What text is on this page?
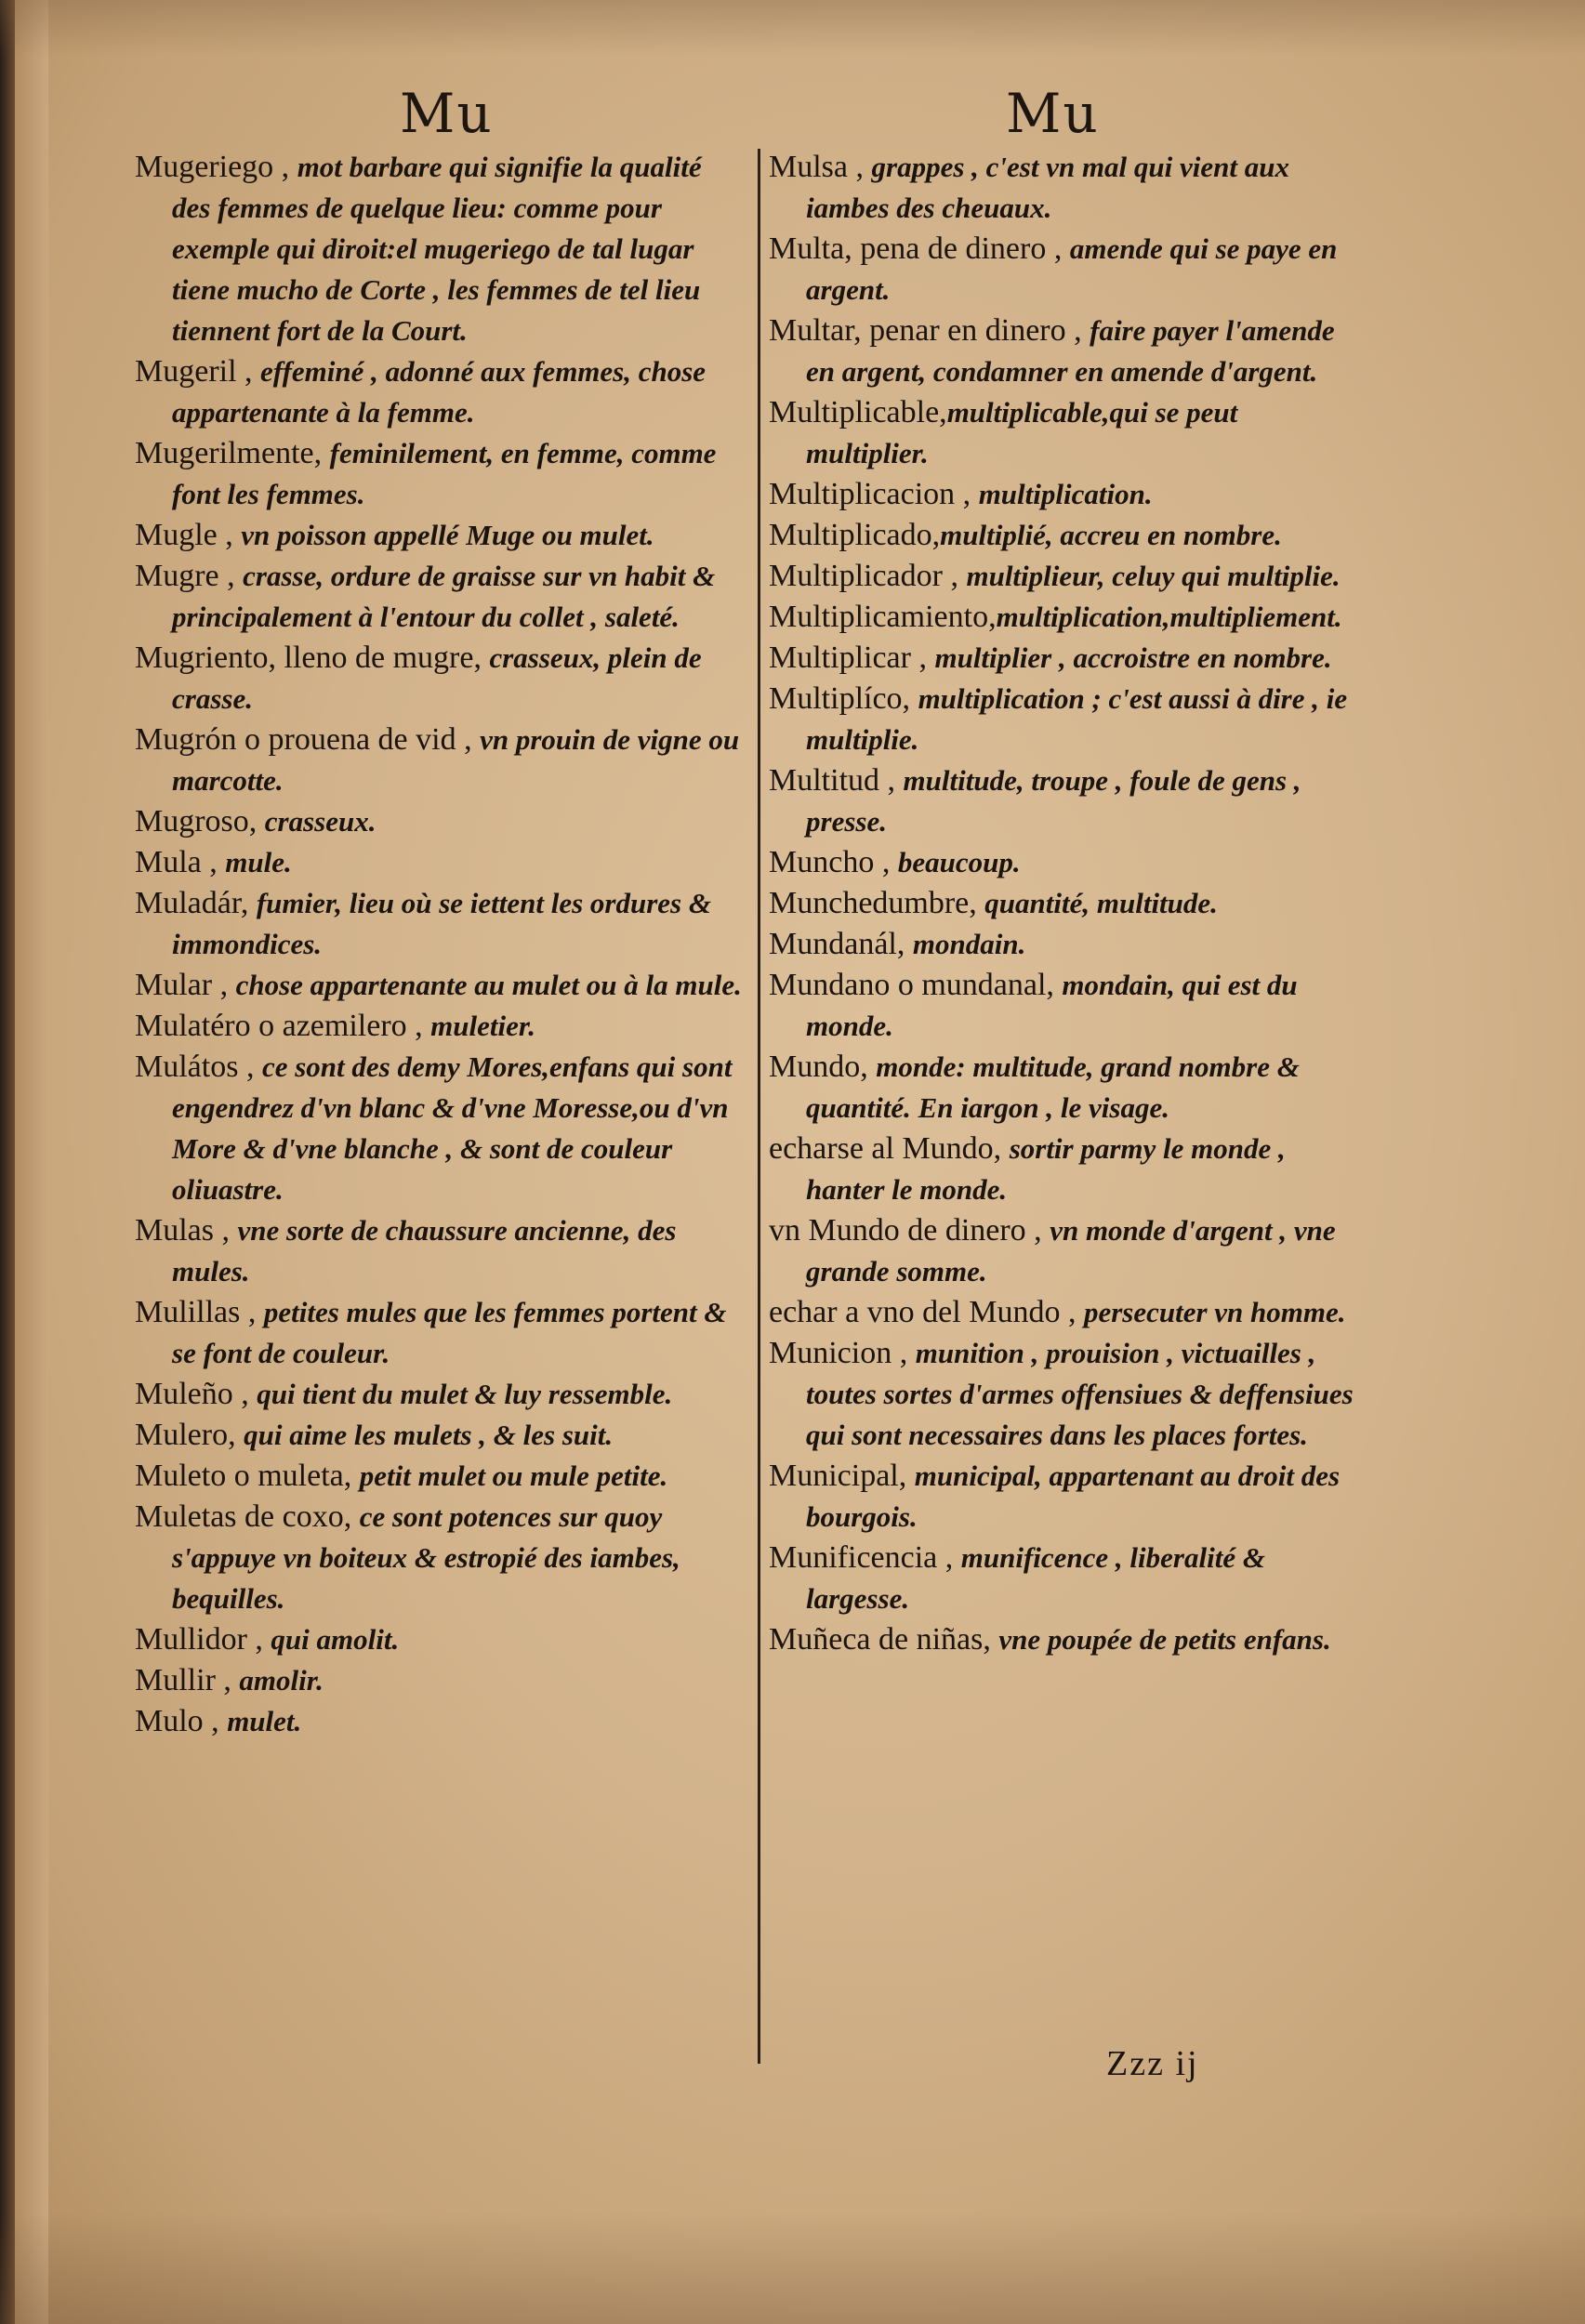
Mu	Mu

Mugeriego , mot barbare qui signifie la qualité des femmes de quelque lieu: comme pour exemple qui diroit:el mugeriego de tal lugar tiene mucho de Corte , les femmes de tel lieu tiennent fort de la Court.

Mugeril , effeminé , adonné aux femmes, chose appartenante à la femme.

Mugerilmente, feminilement, en femme, comme font les femmes.

Mugle , vn poisson appellé Muge ou mulet.

Mugre , crasse, ordure de graisse sur vn habit & principalement à l'entour du collet , saleté.

Mugriento, lleno de mugre, crasseux, plein de crasse.

Mugrón o prouena de vid , vn prouin de vigne ou marcotte.

Mugroso, crasseux.

Mula , mule.

Muladár, fumier, lieu où se iettent les ordures & immondices.

Mular , chose appartenante au mulet ou à la mule.

Mulatéro o azemilero , muletier.

Mulátos , ce sont des demy Mores,enfans qui sont engendrez d'vn blanc & d'vne Moresse,ou d'vn More & d'vne blanche , & sont de couleur oliuastre.

Mulas , vne sorte de chaussure ancienne, des mules.

Mulillas , petites mules que les femmes portent & se font de couleur.

Muleño , qui tient du mulet & luy ressemble.

Mulero, qui aime les mulets , & les suit.

Muleto o muleta, petit mulet ou mule petite.

Muletas de coxo, ce sont potences sur quoy s'appuye vn boiteux & estropié des iambes, bequilles.

Mullidor , qui amolit.

Mullir , amolir.

Mulo , mulet.

Mulsa , grappes , c'est vn mal qui vient aux iambes des cheuaux.

Multa, pena de dinero , amende qui se paye en argent.

Multar, penar en dinero , faire payer l'amende en argent, condamner en amende d'argent.

Multiplicable,multiplicable,qui se peut multiplier.

Multiplicacion , multiplication.

Multiplicado,multiplié, accreu en nombre.

Multiplicador , multiplieur, celuy qui multiplie.

Multiplicamiento,multiplication,multipliement.

Multiplicar , multiplier , accroistre en nombre.

Multiplíco, multiplication ; c'est aussi à dire , ie multiplie.

Multitud , multitude, troupe , foule de gens , presse.

Muncho , beaucoup.

Munchedumbre, quantité, multitude.

Mundanál, mondain.

Mundano o mundanal, mondain, qui est du monde.

Mundo, monde: multitude, grand nombre & quantité. En iargon , le visage.

echarse al Mundo, sortir parmy le monde , hanter le monde.

vn Mundo de dinero , vn monde d'argent , vne grande somme.

echar a vno del Mundo , persecuter vn homme.

Municion , munition , prouision , victuailles , toutes sortes d'armes offensiues & deffensiues qui sont necessaires dans les places fortes.

Municipal, municipal, appartenant au droit des bourgois.

Munificencia , munificence , liberalité & largesse.

Muñeca de niñas, vne poupée de petits enfans.

Zzz ij
